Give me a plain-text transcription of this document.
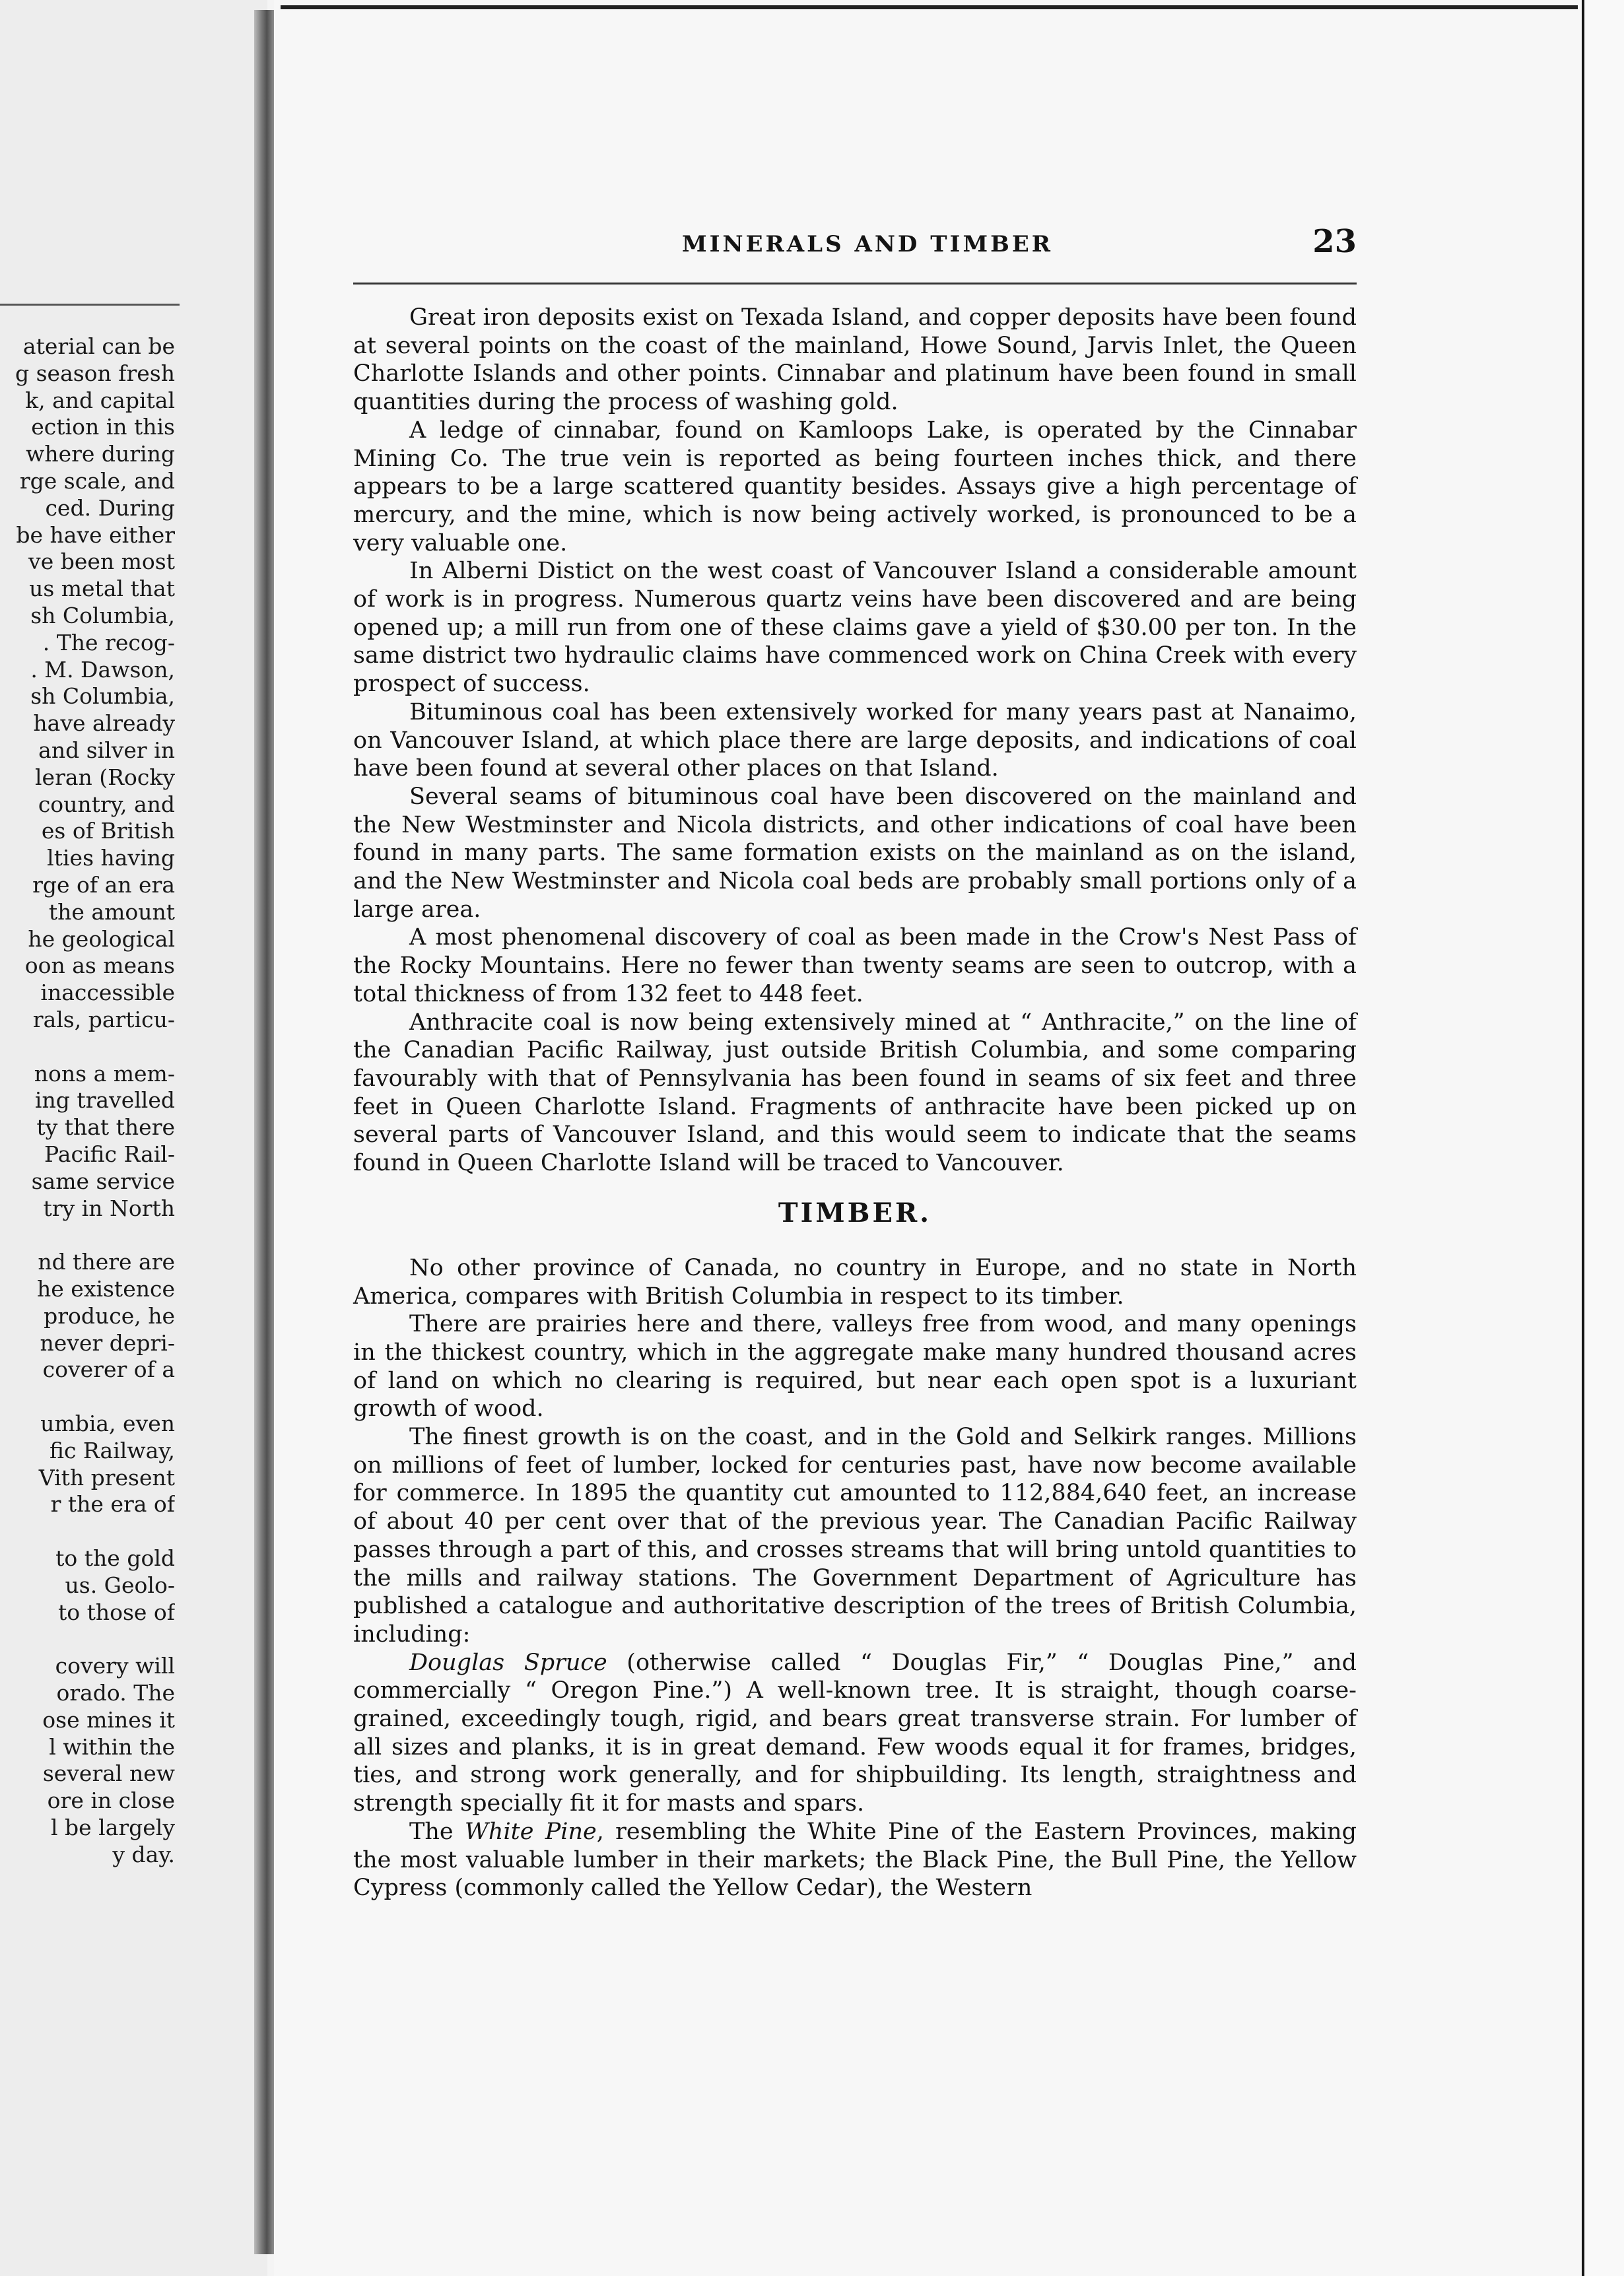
aterial can be
g season fresh
k, and capital
ection in this
where during
rge scale, and
ced. During
be have either
ve been most
us metal that
sh Columbia,
. The recog-
. M. Dawson,
sh Columbia,
have already
and silver in
leran (Rocky
country, and
es of British
lties having
rge of an era
the amount
he geological
oon as means
inaccessible
rals, particu-
nons a mem-
ing travelled
ty that there
Pacific Rail-
same service
try in North
nd there are
he existence
produce, he
never depri-
coverer of a
umbia, even
fic Railway,
Vith present
r the era of
to the gold
us. Geolo-
to those of
covery will
orado. The
ose mines it
l within the
several new
ore in close
l be largely
y day.
MINERALS AND TIMBER	23

Great iron deposits exist on Texada Island, and copper deposits have been found at several points on the coast of the mainland, Howe Sound, Jarvis Inlet, the Queen Charlotte Islands and other points. Cinnabar and platinum have been found in small quantities during the process of washing gold.

A ledge of cinnabar, found on Kamloops Lake, is operated by the Cinnabar Mining Co. The true vein is reported as being fourteen inches thick, and there appears to be a large scattered quantity besides. Assays give a high percentage of mercury, and the mine, which is now being actively worked, is pronounced to be a very valuable one.

In Alberni Distict on the west coast of Vancouver Island a considerable amount of work is in progress. Numerous quartz veins have been discovered and are being opened up; a mill run from one of these claims gave a yield of $30.00 per ton. In the same district two hydraulic claims have commenced work on China Creek with every prospect of success.

Bituminous coal has been extensively worked for many years past at Nanaimo, on Vancouver Island, at which place there are large deposits, and indications of coal have been found at several other places on that Island.

Several seams of bituminous coal have been discovered on the mainland and the New Westminster and Nicola districts, and other indications of coal have been found in many parts. The same formation exists on the mainland as on the island, and the New Westminster and Nicola coal beds are probably small portions only of a large area.

A most phenomenal discovery of coal as been made in the Crow's Nest Pass of the Rocky Mountains. Here no fewer than twenty seams are seen to outcrop, with a total thickness of from 132 feet to 448 feet.

Anthracite coal is now being extensively mined at “ Anthracite,” on the line of the Canadian Pacific Railway, just outside British Columbia, and some comparing favourably with that of Pennsylvania has been found in seams of six feet and three feet in Queen Charlotte Island. Fragments of anthracite have been picked up on several parts of Vancouver Island, and this would seem to indicate that the seams found in Queen Charlotte Island will be traced to Vancouver.

TIMBER.

No other province of Canada, no country in Europe, and no state in North America, compares with British Columbia in respect to its timber.

There are prairies here and there, valleys free from wood, and many openings in the thickest country, which in the aggregate make many hundred thousand acres of land on which no clearing is required, but near each open spot is a luxuriant growth of wood.

The finest growth is on the coast, and in the Gold and Selkirk ranges. Millions on millions of feet of lumber, locked for centuries past, have now become available for commerce. In 1895 the quantity cut amounted to 112,884,640 feet, an increase of about 40 per cent over that of the previous year. The Canadian Pacific Railway passes through a part of this, and crosses streams that will bring untold quantities to the mills and railway stations. The Government Department of Agriculture has published a catalogue and authoritative description of the trees of British Columbia, including:

Douglas Spruce (otherwise called “ Douglas Fir,” “ Douglas Pine,” and commercially “ Oregon Pine.”) A well-known tree. It is straight, though coarse-grained, exceedingly tough, rigid, and bears great transverse strain. For lumber of all sizes and planks, it is in great demand. Few woods equal it for frames, bridges, ties, and strong work generally, and for shipbuilding. Its length, straightness and strength specially fit it for masts and spars.

The White Pine, resembling the White Pine of the Eastern Provinces, making the most valuable lumber in their markets; the Black Pine, the Bull Pine, the Yellow Cypress (commonly called the Yellow Cedar), the Western
